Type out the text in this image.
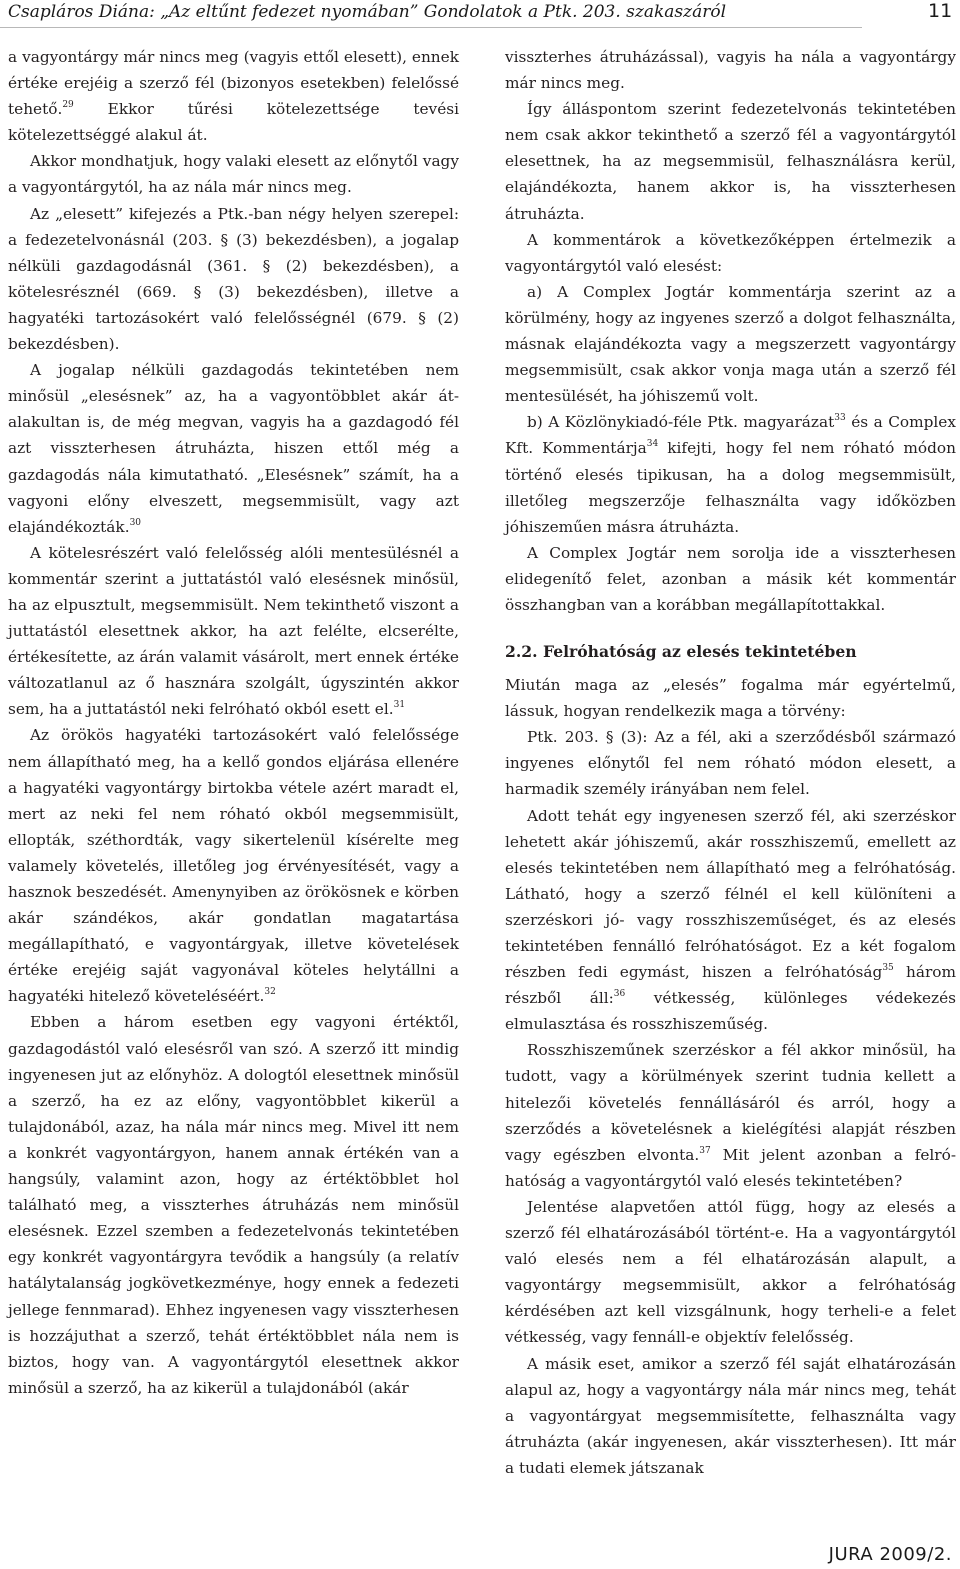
Csapláros Diána: „Az eltűnt fedezet nyomában” Gondolatok a Ptk. 203. szakaszáról	11

a vagyontárgy már nincs meg (vagyis ettől elesett), ennek értéke erejéig a szerző fél (bizonyos esetekben) felelőssé tehető.$^{29}$ Ekkor tűrési kötelezettsége tevési kötelezettséggé alakul át.

Akkor mondhatjuk, hogy valaki elesett az előnytől vagy a vagyontárgytól, ha az nála már nincs meg.

Az „elesett” kifejezés a Ptk.-ban négy helyen szerepel: a fedezetelvonásnál (203. § (3) bekezdésben), a jogalap nélküli gazdagodásnál (361. § (2) bekezdésben), a kötelesrésznél (669. § (3) bekezdésben), illetve a hagyatéki tartozásokért való felelősségnél (679. § (2) bekezdésben).

A jogalap nélküli gazdagodás tekintetében nem minősül „elesésnek” az, ha a vagyontöbblet akár átalakultan is, de még megvan, vagyis ha a gazdagodó fél azt visszterhesen átruházta, hiszen ettől még a gazdagodás nála kimutatható. „Elesésnek” számít, ha a vagyoni előny elveszett, megsemmisült, vagy azt elajándékozták.$^{30}$

A kötelesrészért való felelősség alóli mentesülésnél a kommentár szerint a juttatástól való elesésnek minősül, ha az elpusztult, megsemmisült. Nem tekinthető viszont a juttatástól elesettnek akkor, ha azt felélte, elcserélte, értékesítette, az árán valamit vásárolt, mert ennek értéke változatlanul az ő hasznára szolgált, úgyszintén akkor sem, ha a juttatástól neki felróható okból esett el.$^{31}$

Az örökös hagyatéki tartozásokért való felelőssége nem állapítható meg, ha a kellő gondos eljárása ellenére a hagyatéki vagyontárgy birtokba vétele azért maradt el, mert az neki fel nem róható okból megsemmisült, ellopták, széthordták, vagy sikertelenül kísérelte meg valamely követelés, illetőleg jog érvényesítését, vagy a hasznok beszedését. Amenynyiben az örökösnek e körben akár szándékos, akár gondatlan magatartása megállapítható, e vagyontárgyak, illetve követelések értéke erejéig saját vagyonával köteles helytállni a hagyatéki hitelező követeléséért.$^{32}$

Ebben a három esetben egy vagyoni értéktől, gazdagodástól való elesésről van szó. A szerző itt mindig ingyenesen jut az előnyhöz. A dologtól elesettnek minősül a szerző, ha ez az előny, vagyontöbblet kikerül a tulajdonából, azaz, ha nála már nincs meg. Mivel itt nem a konkrét vagyontárgyon, hanem annak értékén van a hangsúly, valamint azon, hogy az értéktöbblet hol található meg, a visszterhes átruházás nem minősül elesésnek. Ezzel szemben a fedezetelvonás tekintetében egy konkrét vagyontárgyra tevődik a hangsúly (a relatív hatálytalanság jogkövetkezménye, hogy ennek a fedezeti jellege fennmarad). Ehhez ingyenesen vagy visszterhesen is hozzájuthat a szerző, tehát értéktöbblet nála nem is biztos, hogy van. A vagyontárgytól elesettnek akkor minősül a szerző, ha az kikerül a tulajdonából (akár

visszterhes átruházással), vagyis ha nála a vagyontárgy már nincs meg.

Így álláspontom szerint fedezetelvonás tekintetében nem csak akkor tekinthető a szerző fél a vagyontárgytól elesettnek, ha az megsemmisül, felhasználásra kerül, elajándékozta, hanem akkor is, ha visszterhesen átruházta.

A kommentárok a következőképpen értelmezik a vagyontárgytól való elesést:

a) A Complex Jogtár kommentárja szerint az a körülmény, hogy az ingyenes szerző a dolgot felhasználta, másnak elajándékozta vagy a megszerzett vagyontárgy megsemmisült, csak akkor vonja maga után a szerző fél mentesülését, ha jóhiszemű volt.

b) A Közlönykiadó-féle Ptk. magyarázat$^{33}$ és a Complex Kft. Kommentárja$^{34}$ kifejti, hogy fel nem róható módon történő elesés tipikusan, ha a dolog megsemmisült, illetőleg megszerzője felhasználta vagy időközben jóhiszeműen másra átruházta.

A Complex Jogtár nem sorolja ide a visszterhesen elidegenítő felet, azonban a másik két kommentár összhangban van a korábban megállapítottakkal.

2.2. Felróhatóság az elesés tekintetében

Miután maga az „elesés” fogalma már egyértelmű, lássuk, hogyan rendelkezik maga a törvény:

Ptk. 203. § (3): Az a fél, aki a szerződésből származó ingyenes előnytől fel nem róható módon elesett, a harmadik személy irányában nem felel.

Adott tehát egy ingyenesen szerző fél, aki szerzéskor lehetett akár jóhiszemű, akár rosszhiszemű, emellett az elesés tekintetében nem állapítható meg a felróhatóság. Látható, hogy a szerző félnél el kell különíteni a szerzéskori jó- vagy rosszhiszeműséget, és az elesés tekintetében fennálló felróhatóságot. Ez a két fogalom részben fedi egymást, hiszen a felróhatóság$^{35}$ három részből áll:$^{36}$ vétkesség, különleges védekezés elmulasztása és rosszhiszeműség.

Rosszhiszeműnek szerzéskor a fél akkor minősül, ha tudott, vagy a körülmények szerint tudnia kellett a hitelezői követelés fennállásáról és arról, hogy a szerződés a követelésnek a kielégítési alapját részben vagy egészben elvonta.$^{37}$ Mit jelent azonban a felróhatóság a vagyontárgytól való elesés tekintetében?

Jelentése alapvetően attól függ, hogy az elesés a szerző fél elhatározásából történt-e. Ha a vagyontárgytól való elesés nem a fél elhatározásán alapult, a vagyontárgy megsemmisült, akkor a felróhatóság kérdésében azt kell vizsgálnunk, hogy terheli-e a felet vétkesség, vagy fennáll-e objektív felelősség.

A másik eset, amikor a szerző fél saját elhatározásán alapul az, hogy a vagyontárgy nála már nincs meg, tehát a vagyontárgyat megsemmisítette, felhasználta vagy átruházta (akár ingyenesen, akár visszterhesen). Itt már a tudati elemek játszanak

JURA 2009/2.
